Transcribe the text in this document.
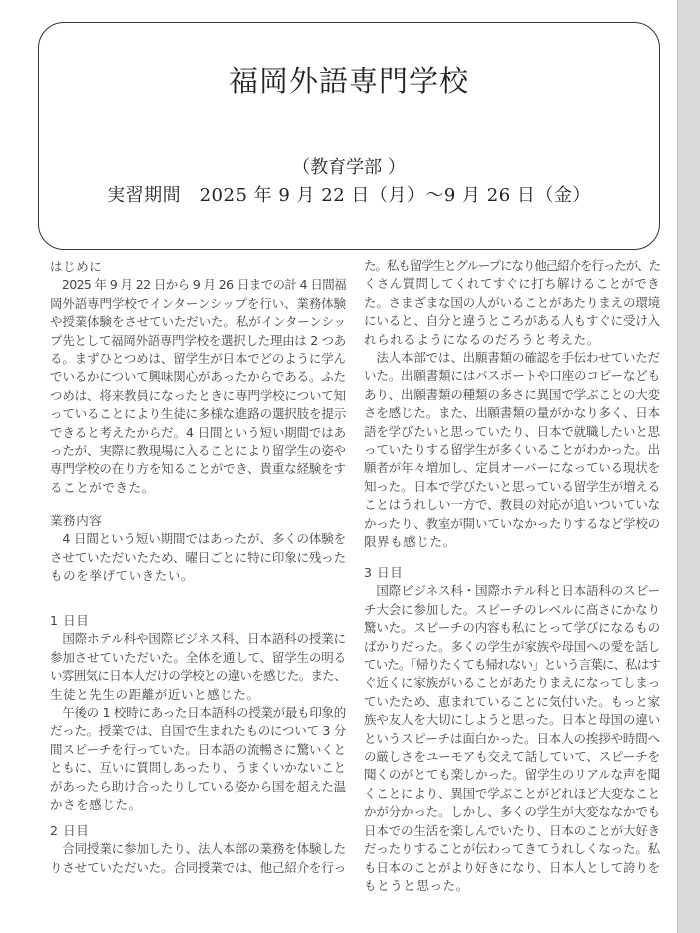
福岡外語専門学校
（教育学部 ）
実習期間　2025 年 9 月 22 日（月）〜9 月 26 日（金）
はじめに
　2025 年 9 月 22 日から 9 月 26 日までの計 4 日間福
岡外語専門学校でインターンシップを行い、業務体験
や授業体験をさせていただいた。私がインターンシッ
プ先として福岡外語専門学校を選択した理由は 2 つあ
る。まずひとつめは、留学生が日本でどのように学ん
でいるかについて興味関心があったからである。ふた
つめは、将来教員になったときに専門学校について知
っていることにより生徒に多様な進路の選択肢を提示
できると考えたからだ。4 日間という短い期間ではあ
ったが、実際に教現場に入ることにより留学生の姿や
専門学校の在り方を知ることができ、貴重な経験をす
ることができた。
業務内容
　4 日間という短い期間ではあったが、多くの体験を
させていただいたため、曜日ごとに特に印象に残った
ものを挙げていきたい。
1 日目
　国際ホテル科や国際ビジネス科、日本語科の授業に
参加させていただいた。全体を通して、留学生の明る
い雰囲気に日本人だけの学校との違いを感じた。また、
生徒と先生の距離が近いと感じた。
　午後の 1 校時にあった日本語科の授業が最も印象的
だった。授業では、自国で生まれたものについて 3 分
間スピーチを行っていた。日本語の流暢さに驚いくと
ともに、互いに質問しあったり、うまくいかないこと
があったら助け合ったりしている姿から国を超えた温
かさを感じた。
2 日目
　合同授業に参加したり、法人本部の業務を体験した
りさせていただいた。合同授業では、他己紹介を行っ
た。私も留学生とグループになり他己紹介を行ったが、た
くさん質問してくれてすぐに打ち解けることができ
た。さまざまな国の人がいることがあたりまえの環境
にいると、自分と違うところがある人もすぐに受け入
れられるようになるのだろうと考えた。
　法人本部では、出願書類の確認を手伝わせていただ
いた。出願書類にはパスポートや口座のコピーなども
あり、出願書類の種類の多さに異国で学ぶことの大変
さを感じた。また、出願書類の量がかなり多く、日本
語を学びたいと思っていたり、日本で就職したいと思
っていたりする留学生が多くいることがわかった。出
願者が年々増加し、定員オーバーになっている現状を
知った。日本で学びたいと思っている留学生が増える
ことはうれしい一方で、教員の対応が追いついていな
かったり、教室が開いていなかったりするなど学校の
限界も感じた。
3 日目
　国際ビジネス科・国際ホテル科と日本語科のスピー
チ大会に参加した。スピーチのレベルに高さにかなり
驚いた。スピーチの内容も私にとって学びになるもの
ばかりだった。多くの学生が家族や母国への愛を話し
ていた。「帰りたくても帰れない」という言葉に、私はす
ぐ近くに家族がいることがあたりまえになってしまっ
ていたため、恵まれていることに気付いた。もっと家
族や友人を大切にしようと思った。日本と母国の違い
というスピーチは面白かった。日本人の挨拶や時間へ
の厳しさをユーモアも交えて話していて、スピーチを
聞くのがとても楽しかった。留学生のリアルな声を聞
くことにより、異国で学ぶことがどれほど大変なこと
かが分かった。しかし、多くの学生が大変ななかでも
日本での生活を楽しんでいたり、日本のことが大好き
だったりすることが伝わってきてうれしくなった。私
も日本のことがより好きになり、日本人として誇りを
もとうと思った。
